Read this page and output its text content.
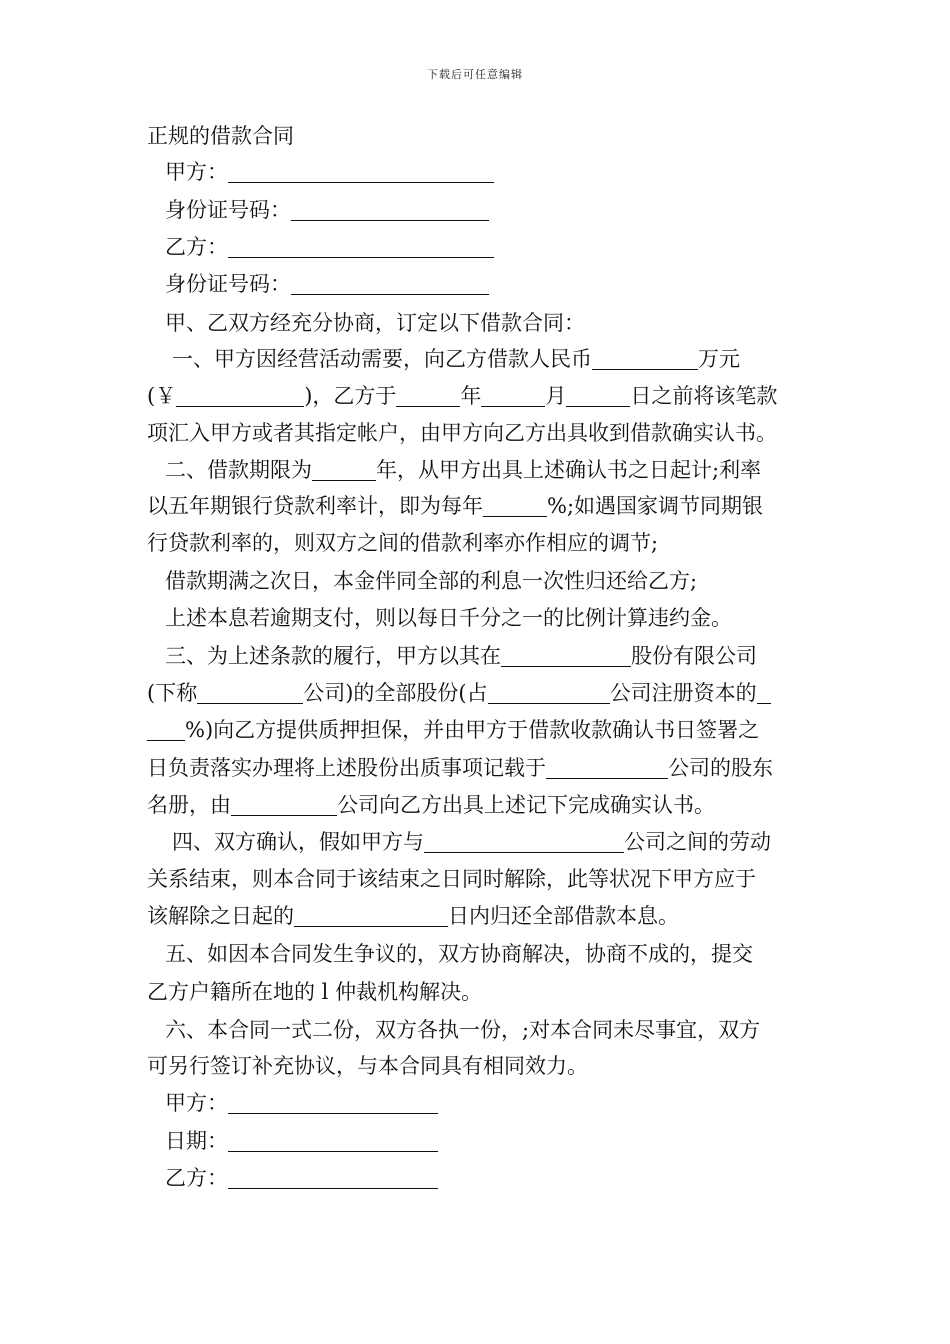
下载后可任意编辑
正规的借款合同
甲方：
身份证号码：
乙方：
身份证号码：
甲、乙双方经充分协商，订定以下借款合同：
一、甲方因经营活动需要，向乙方借款人民币	万元
(￥	)，乙方于	年	月	日之前将该笔款
项汇入甲方或者其指定帐户，由甲方向乙方出具收到借款确实认书。
二、借款期限为	年，从甲方出具上述确认书之日起计;利率
以五年期银行贷款利率计，即为每年	%;如遇国家调节同期银
行贷款利率的，则双方之间的借款利率亦作相应的调节;
借款期满之次日，本金伴同全部的利息一次性归还给乙方;
上述本息若逾期支付，则以每日千分之一的比例计算违约金。
三、为上述条款的履行，甲方以其在	股份有限公司
(下称	公司)的全部股份(占	公司注册资本的
%)向乙方提供质押担保，并由甲方于借款收款确认书日签署之
日负责落实办理将上述股份出质事项记载于	公司的股东
名册，由	公司向乙方出具上述记下完成确实认书。
四、双方确认，假如甲方与	公司之间的劳动
关系结束，则本合同于该结束之日同时解除，此等状况下甲方应于
该解除之日起的	日内归还全部借款本息。
五、如因本合同发生争议的，双方协商解决，协商不成的，提交
乙方户籍所在地的 l 仲裁机构解决。
六、本合同一式二份，双方各执一份，;对本合同未尽事宜，双方
可另行签订补充协议，与本合同具有相同效力。
甲方：
日期：
乙方：
